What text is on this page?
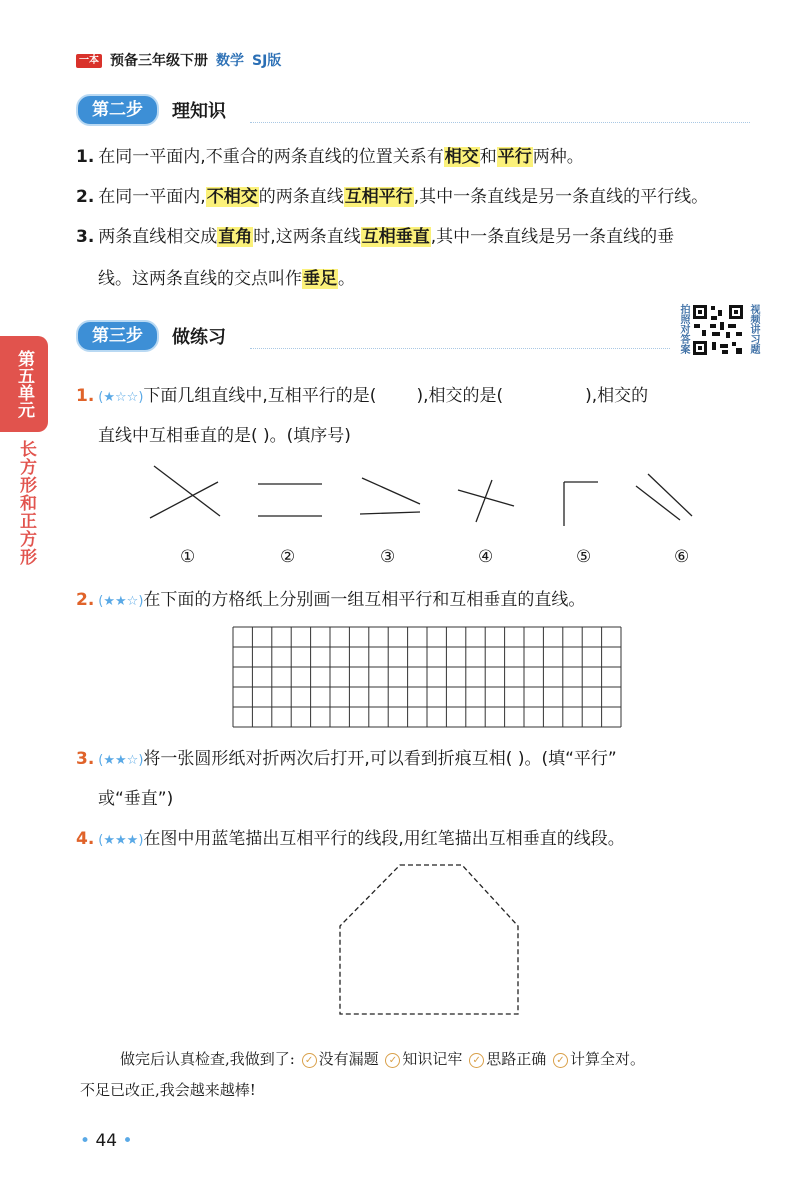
一本 预备三年级下册 数学 SJ版
第五单元
长方形和正方形
第二步	理知识
1. 在同一平面内,不重合的两条直线的位置关系有相交和平行两种。
2. 在同一平面内,不相交的两条直线互相平行,其中一条直线是另一条直线的平行线。
3. 两条直线相交成直角时,这两条直线互相垂直,其中一条直线是另一条直线的垂
线。这两条直线的交点叫作垂足。
第三步	做练习	拍照对答案	视频讲习题
1. (★☆☆)下面几组直线中,互相平行的是( ),相交的是(	),相交的
直线中互相垂直的是( )。(填序号)
①	②	③	④	⑤	⑥
2. (★★☆)在下面的方格纸上分别画一组互相平行和互相垂直的直线。
3. (★★☆)将一张圆形纸对折两次后打开,可以看到折痕互相( )。(填“平行”
或“垂直”)
4. (★★★)在图中用蓝笔描出互相平行的线段,用红笔描出互相垂直的线段。
做完后认真检查,我做到了: ✓ 没有漏题 ✓ 知识记牢 ✓ 思路正确 ✓ 计算全对。
不足已改正,我会越来越棒!
• 44 •
